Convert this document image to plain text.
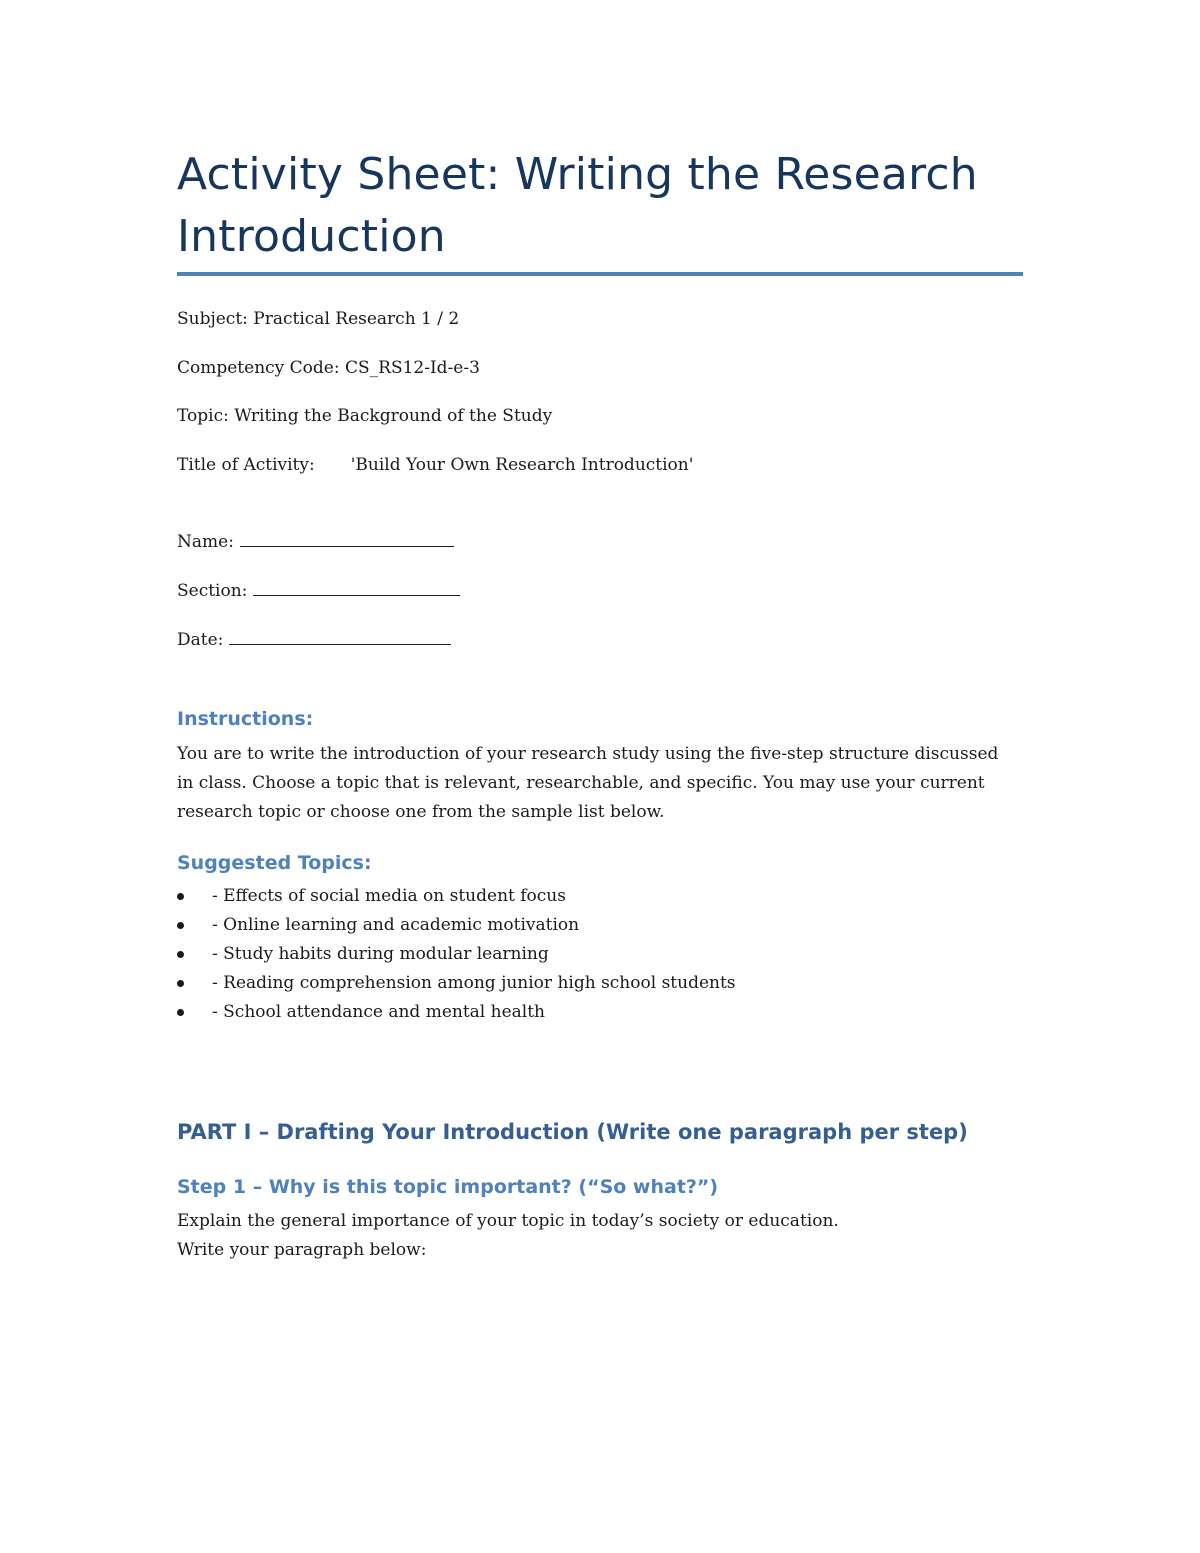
Activity Sheet: Writing the Research Introduction
Subject: Practical Research 1 / 2
Competency Code: CS_RS12-Id-e-3
Topic: Writing the Background of the Study
Title of Activity: 'Build Your Own Research Introduction'
Name:
Section:
Date:
Instructions:

You are to write the introduction of your research study using the five-step structure discussed in class. Choose a topic that is relevant, researchable, and specific. You may use your current research topic or choose one from the sample list below.

Suggested Topics:
- Effects of social media on student focus
- Online learning and academic motivation
- Study habits during modular learning
- Reading comprehension among junior high school students
- School attendance and mental health
PART I – Drafting Your Introduction (Write one paragraph per step)
Step 1 – Why is this topic important? (“So what?”)

Explain the general importance of your topic in today’s society or education.

Write your paragraph below:
